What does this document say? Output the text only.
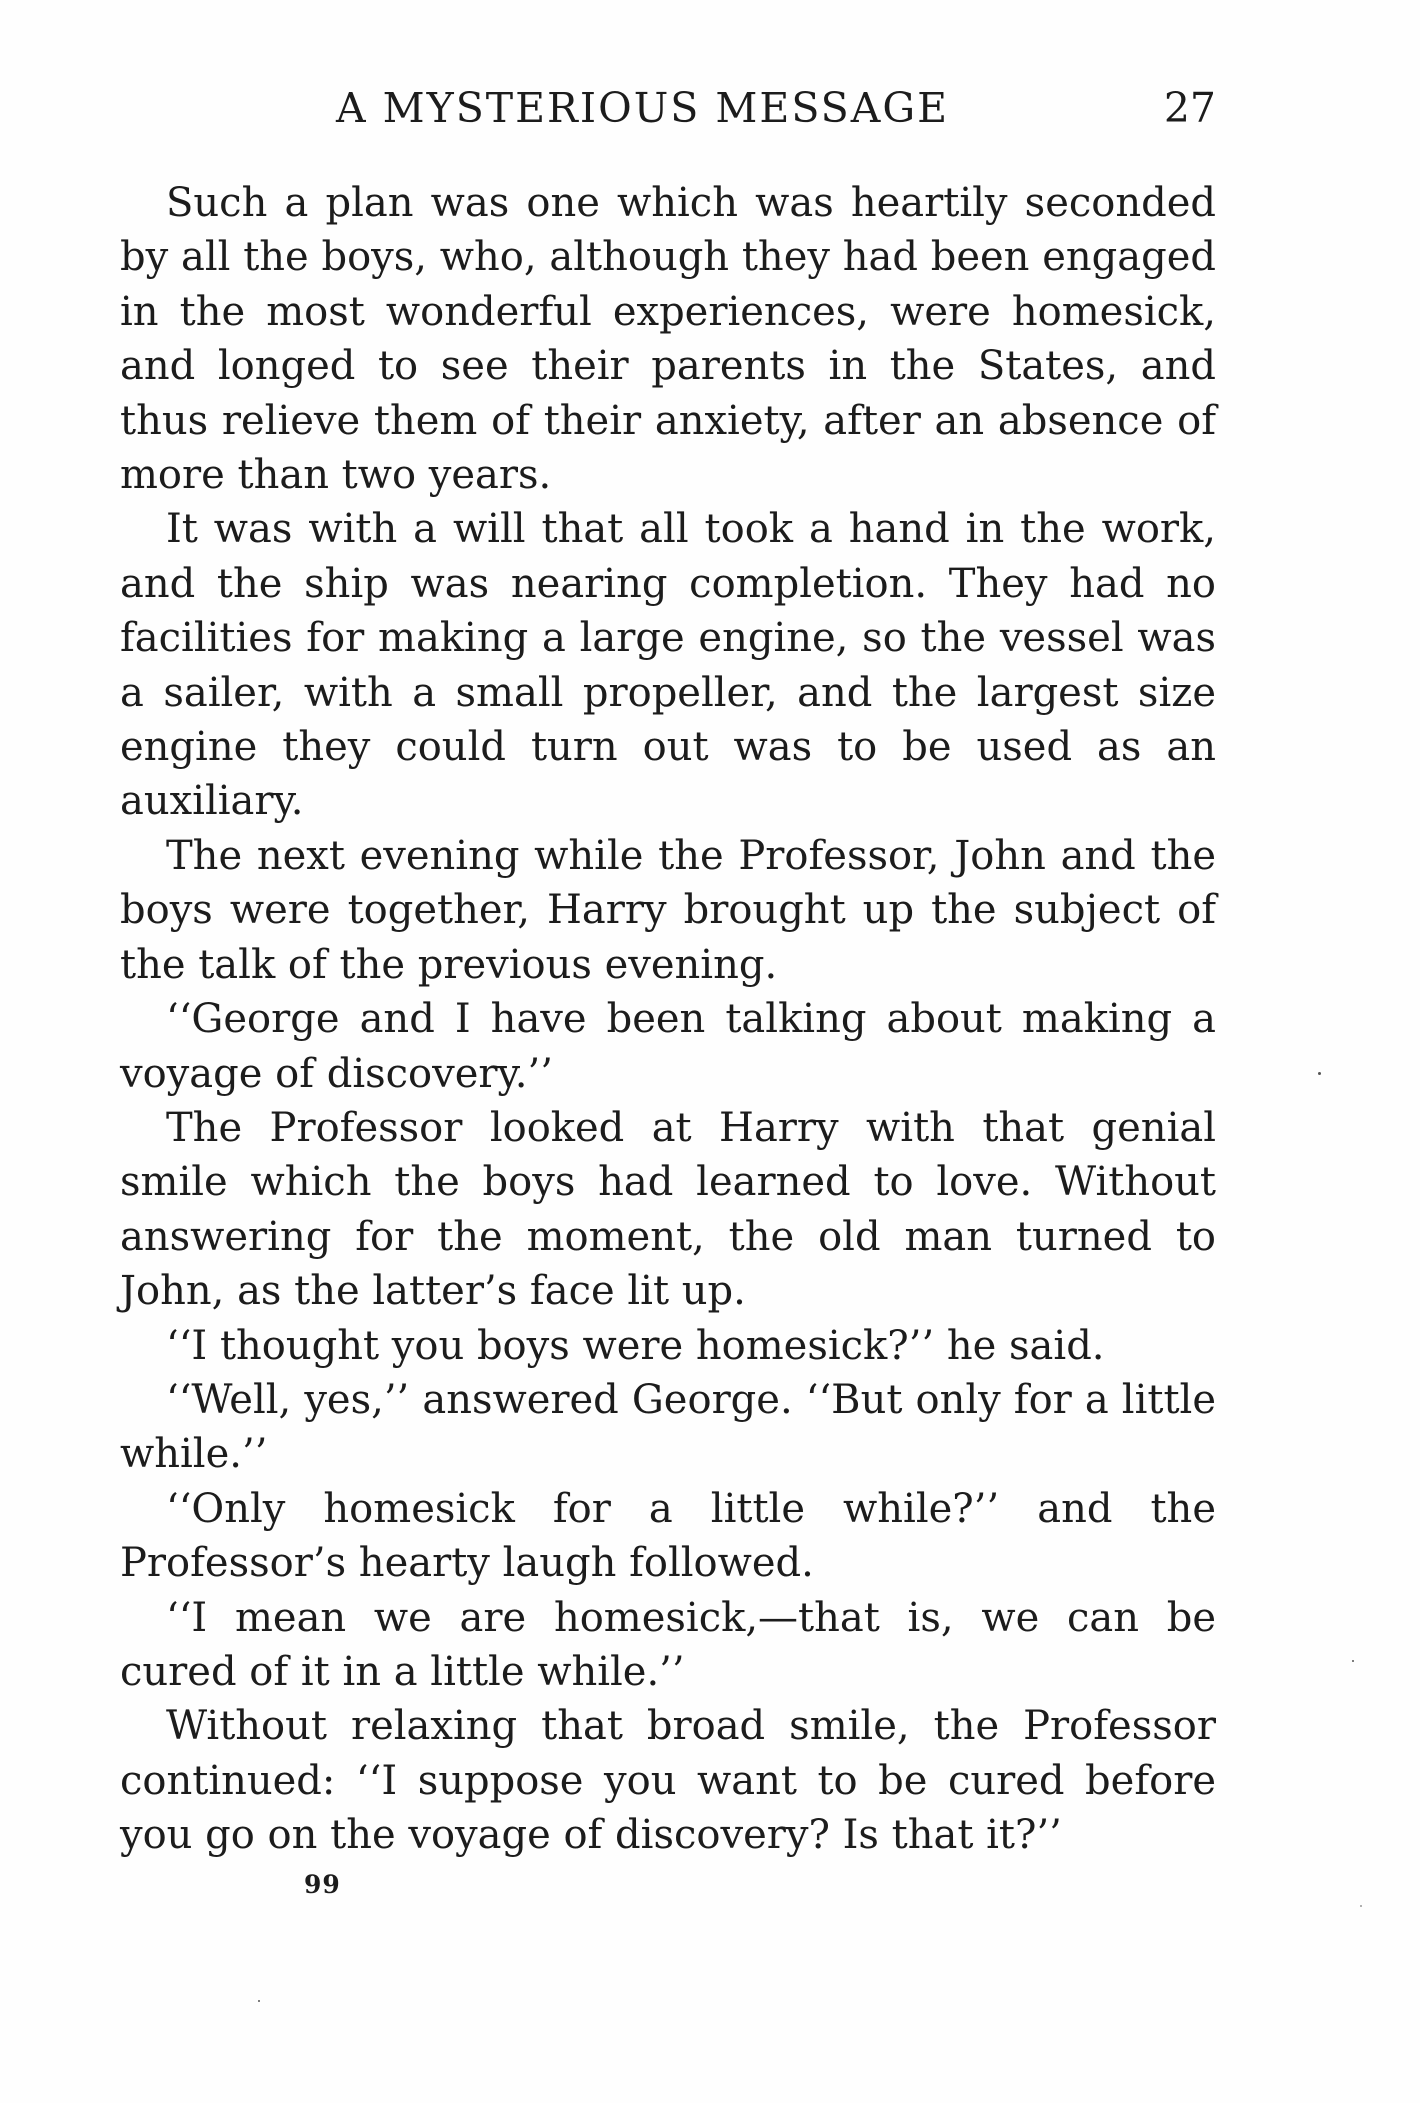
A MYSTERIOUS MESSAGE	27

Such a plan was one which was heartily seconded by all the boys, who, although they had been engaged in the most wonderful experiences, were homesick, and longed to see their parents in the States, and thus relieve them of their anxiety, after an absence of more than two years.

It was with a will that all took a hand in the work, and the ship was nearing completion. They had no facilities for making a large engine, so the vessel was a sailer, with a small propeller, and the largest size engine they could turn out was to be used as an auxiliary.

The next evening while the Professor, John and the boys were together, Harry brought up the subject of the talk of the previous evening.

‘‘George and I have been talking about making a voyage of discovery.’’

The Professor looked at Harry with that genial smile which the boys had learned to love. Without answering for the moment, the old man turned to John, as the latter’s face lit up.

‘‘I thought you boys were homesick?’’ he said.

‘‘Well, yes,’’ answered George. ‘‘But only for a little while.’’

‘‘Only homesick for a little while?’’ and the Professor’s hearty laugh followed.

‘‘I mean we are homesick,—that is, we can be cured of it in a little while.’’

Without relaxing that broad smile, the Professor continued: ‘‘I suppose you want to be cured before you go on the voyage of discovery? Is that it?’’

99
